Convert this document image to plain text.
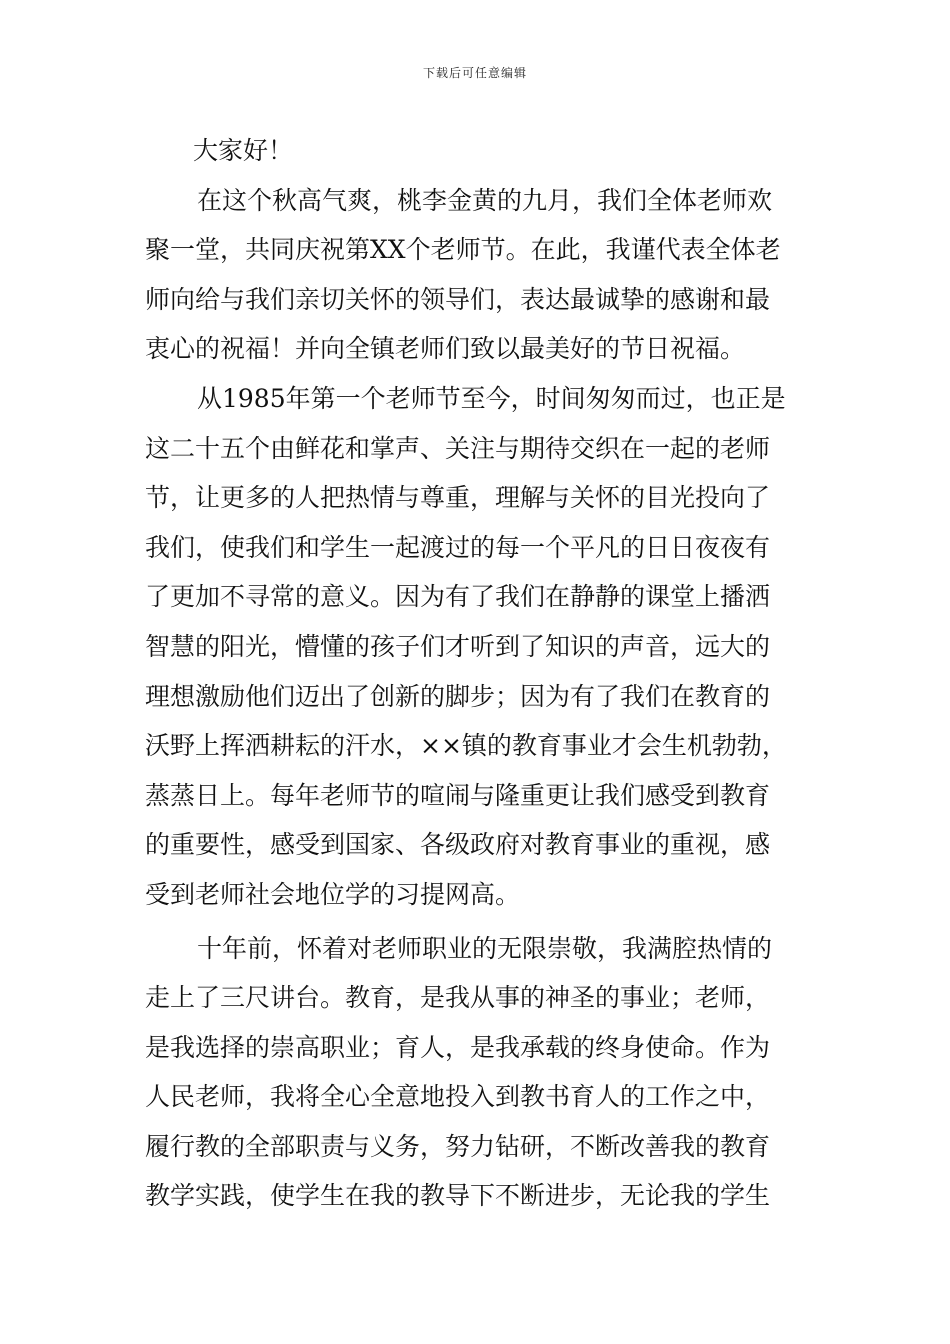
下载后可任意编辑
大家好！
在这个秋高气爽，桃李金黄的九月，我们全体老师欢
聚一堂，共同庆祝第XX个老师节。在此，我谨代表全体老
师向给与我们亲切关怀的领导们，表达最诚挚的感谢和最
衷心的祝福！并向全镇老师们致以最美好的节日祝福。
从1985年第一个老师节至今，时间匆匆而过，也正是
这二十五个由鲜花和掌声、关注与期待交织在一起的老师
节，让更多的人把热情与尊重，理解与关怀的目光投向了
我们，使我们和学生一起渡过的每一个平凡的日日夜夜有
了更加不寻常的意义。因为有了我们在静静的课堂上播洒
智慧的阳光，懵懂的孩子们才听到了知识的声音，远大的
理想激励他们迈出了创新的脚步；因为有了我们在教育的
沃野上挥洒耕耘的汗水，××镇的教育事业才会生机勃勃，
蒸蒸日上。每年老师节的喧闹与隆重更让我们感受到教育
的重要性，感受到国家、各级政府对教育事业的重视，感
受到老师社会地位学的习提网高。
十年前，怀着对老师职业的无限崇敬，我满腔热情的
走上了三尺讲台。教育，是我从事的神圣的事业；老师，
是我选择的崇高职业；育人，是我承载的终身使命。作为
人民老师，我将全心全意地投入到教书育人的工作之中，
履行教的全部职责与义务，努力钻研，不断改善我的教育
教学实践，使学生在我的教导下不断进步，无论我的学生
